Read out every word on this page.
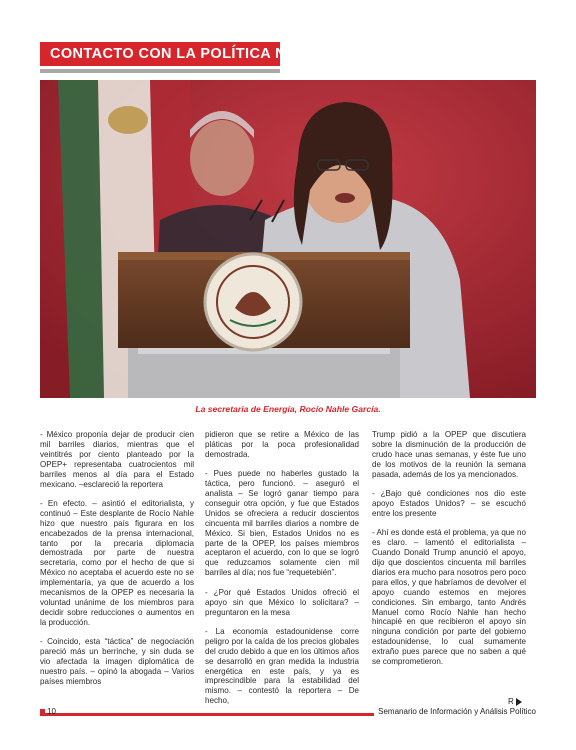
CONTACTO CON LA POLÍTICA NACIONAL
La secretaria de Energía, Rocío Nahle García.

- México proponía dejar de producir cien mil barriles diarios, mientras que el veintitrés por ciento planteado por la OPEP+ representaba cuatrocientos mil barriles menos al día para el Estado mexicano. –esclareció la reportera

- En efecto. – asintió el editorialista, y continuó – Este desplante de Rocío Nahle hizo que nuestro país figurara en los encabezados de la prensa internacional, tanto por la precaria diplomacia demostrada por parte de nuestra secretaria, como por el hecho de que si México no aceptaba el acuerdo este no se implementaría, ya que de acuerdo a los mecanismos de la OPEP es necesaria la voluntad unánime de los miembros para decidir sobre reducciones o aumentos en la producción.

- Coincido, esta “táctica” de negociación pareció más un berrinche, y sin duda se vio afectada la imagen diplomática de nuestro país. – opinó la abogada – Varios países miembros

pidieron que se retire a México de las pláticas por la poca profesionalidad demostrada.

- Pues puede no haberles gustado la táctica, pero funcionó. – aseguró el analista – Se logró ganar tiempo para conseguir otra opción, y fue que Estados Unidos se ofreciera a reducir doscientos cincuenta mil barriles diarios a nombre de México. Si bien, Estados Unidos no es parte de la OPEP, los países miembros aceptaron el acuerdo, con lo que se logró que reduzcamos solamente cien mil barriles al día; nos fue “requetebién”.

- ¿Por qué Estados Unidos ofreció el apoyo sin que México lo solicitara? – preguntaron en la mesa

- La economía estadounidense corre peligro por la caída de los precios globales del crudo debido a que en los últimos años se desarrolló en gran medida la industria energética en este país, y ya es imprescindible para la estabilidad del mismo. – contestó la reportera – De hecho,

Trump pidió a la OPEP que discutiera sobre la disminución de la producción de crudo hace unas semanas, y éste fue uno de los motivos de la reunión la semana pasada, además de los ya mencionados.

- ¿Bajo qué condiciones nos dio este apoyo Estados Unidos? – se escuchó entre los presente

- Ahí es donde está el problema, ya que no es claro. – lamentó el editorialista – Cuando Donald Trump anunció el apoyo, dijo que doscientos cincuenta mil barriles diarios era mucho para nosotros pero poco para ellos, y que habríamos de devolver el apoyo cuando estemos en mejores condiciones. Sin embargo, tanto Andrés Manuel como Rocío Nahle han hecho hincapié en que recibieron el apoyo sin ninguna condición por parte del gobierno estadounidense, lo cual sumamente extraño pues parece que no saben a qué se comprometieron.

R
10	Semanario de Información y Análisis Político
